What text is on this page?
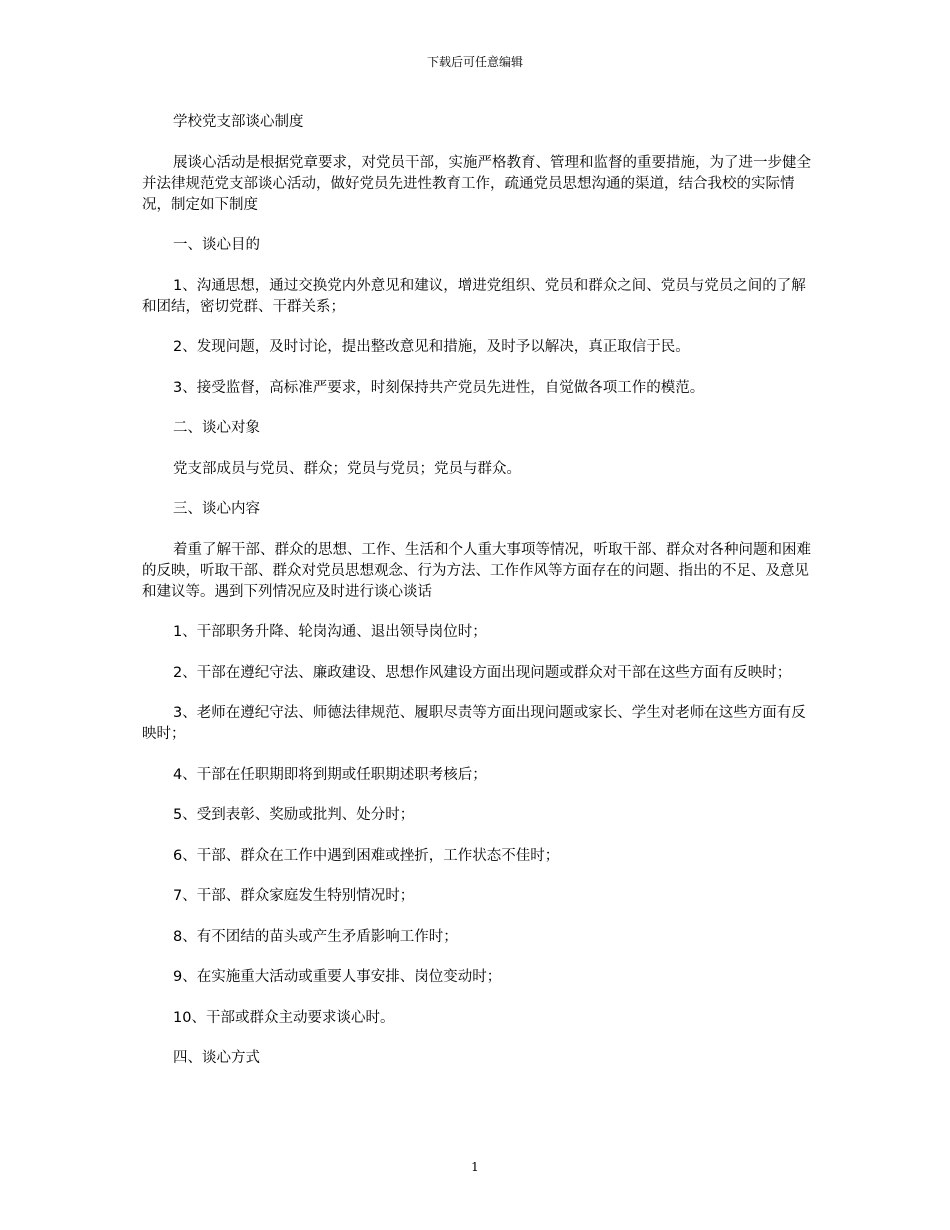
下载后可任意编辑

学校党支部谈心制度

展谈心活动是根据党章要求，对党员干部，实施严格教育、管理和监督的重要措施，为了进一步健全并法律规范党支部谈心活动，做好党员先进性教育工作，疏通党员思想沟通的渠道，结合我校的实际情况，制定如下制度

一、谈心目的

1、沟通思想，通过交换党内外意见和建议，增进党组织、党员和群众之间、党员与党员之间的了解和团结，密切党群、干群关系；

2、发现问题，及时讨论，提出整改意见和措施，及时予以解决，真正取信于民。

3、接受监督，高标准严要求，时刻保持共产党员先进性，自觉做各项工作的模范。

二、谈心对象

党支部成员与党员、群众；党员与党员；党员与群众。

三、谈心内容

着重了解干部、群众的思想、工作、生活和个人重大事项等情况，听取干部、群众对各种问题和困难的反映，听取干部、群众对党员思想观念、行为方法、工作作风等方面存在的问题、指出的不足、及意见和建议等。遇到下列情况应及时进行谈心谈话

1、干部职务升降、轮岗沟通、退出领导岗位时；

2、干部在遵纪守法、廉政建设、思想作风建设方面出现问题或群众对干部在这些方面有反映时；

3、老师在遵纪守法、师德法律规范、履职尽责等方面出现问题或家长、学生对老师在这些方面有反映时；

4、干部在任职期即将到期或任职期述职考核后；

5、受到表彰、奖励或批判、处分时；

6、干部、群众在工作中遇到困难或挫折，工作状态不佳时；

7、干部、群众家庭发生特别情况时；

8、有不团结的苗头或产生矛盾影响工作时；

9、在实施重大活动或重要人事安排、岗位变动时；

10、干部或群众主动要求谈心时。

四、谈心方式

1
